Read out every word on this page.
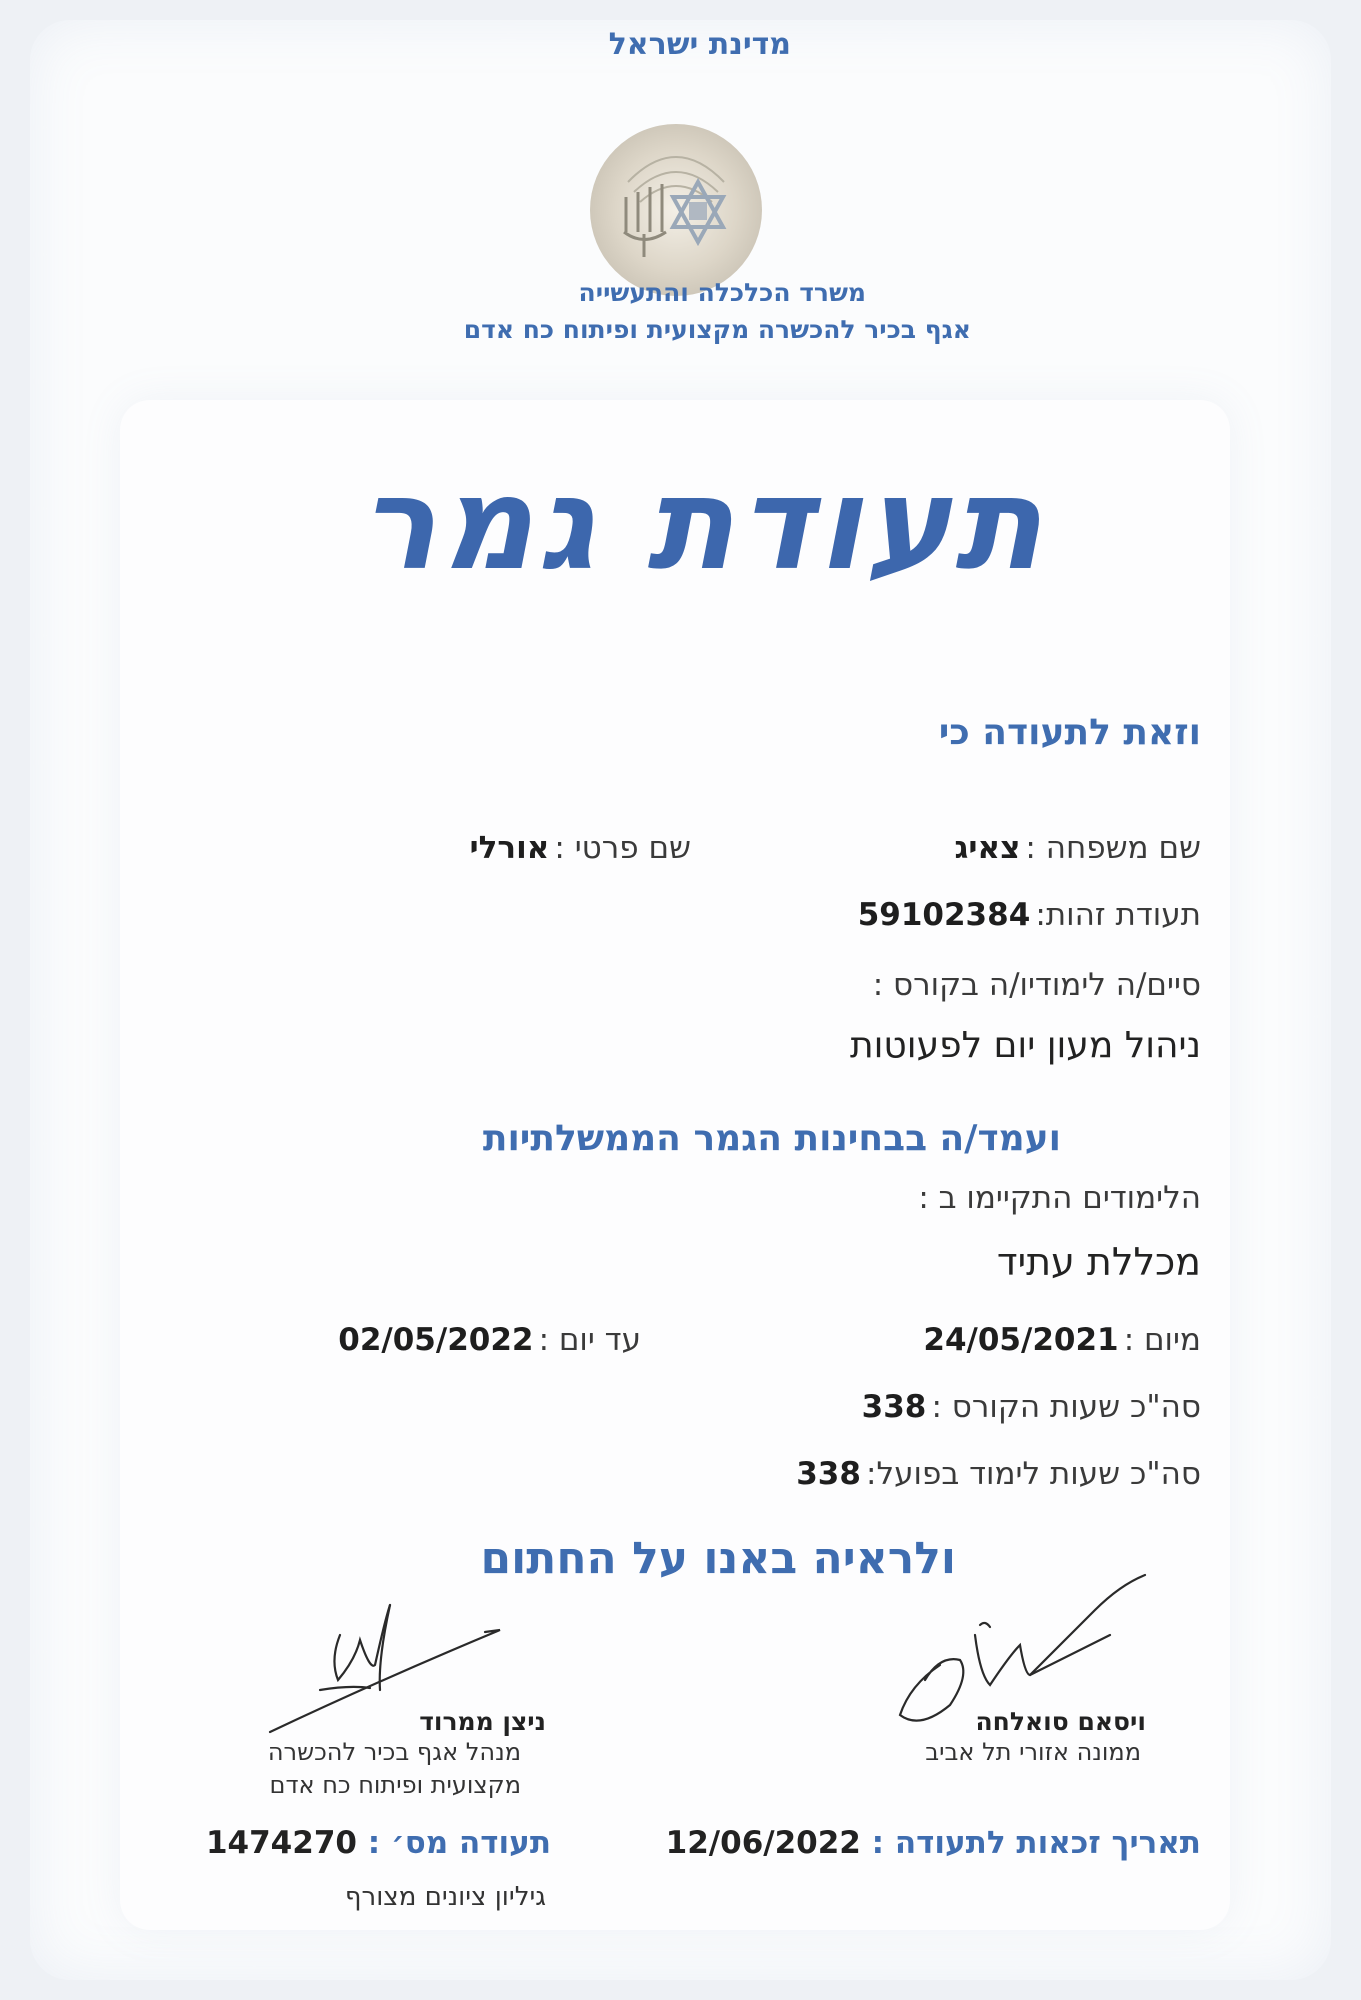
מדינת ישראל
משרד הכלכלה והתעשייה
אגף בכיר להכשרה מקצועית ופיתוח כח אדם
תעודת גמר
וזאת לתעודה כי
שם משפחה : צאיג
שם פרטי : אורלי
תעודת זהות: 59102384
סיים/ה לימודיו/ה בקורס :
ניהול מעון יום לפעוטות
ועמד/ה בבחינות הגמר הממשלתיות
הלימודים התקיימו ב :
מכללת עתיד
מיום : 24/05/2021
עד יום : 02/05/2022
סה"כ שעות הקורס : 338
סה"כ שעות לימוד בפועל: 338
ולראיה באנו על החתום
ויסאם סואלחה
ממונה אזורי תל אביב
ניצן ממרוד
מנהל אגף בכיר להכשרה
מקצועית ופיתוח כח אדם
תאריך זכאות לתעודה : 12/06/2022
תעודה מס׳ : 1474270
גיליון ציונים מצורף
